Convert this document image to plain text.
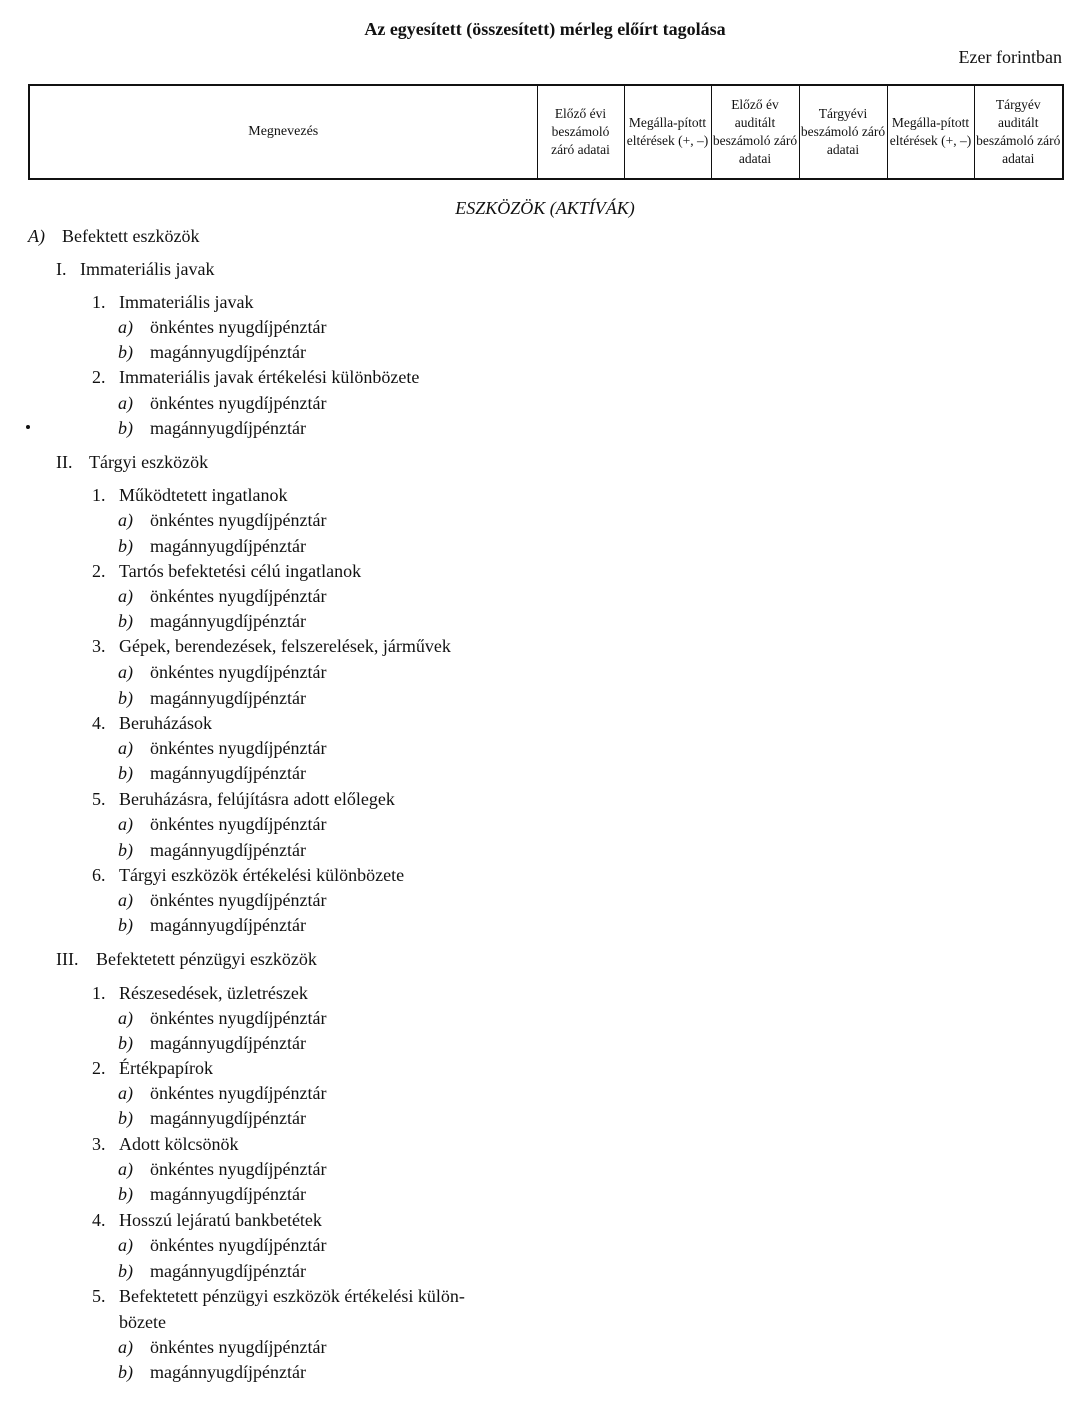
Az egyesített (összesített) mérleg előírt tagolása
Ezer forintban
Megnevezés	Előző évi beszámoló záró adatai	Megálla-pított eltérések (+, –)	Előző év auditált beszámoló záró adatai	Tárgyévi beszámoló záró adatai	Megálla-pított eltérések (+, –)	Tárgyév auditált beszámoló záró adatai
ESZKÖZÖK (AKTÍVÁK)
A) Befektett eszközök
I. Immateriális javak
1. Immateriális javak
a) önkéntes nyugdíjpénztár
b) magánnyugdíjpénztár
2. Immateriális javak értékelési különbözete
a) önkéntes nyugdíjpénztár
b) magánnyugdíjpénztár
II. Tárgyi eszközök
1. Működtetett ingatlanok
a) önkéntes nyugdíjpénztár
b) magánnyugdíjpénztár
2. Tartós befektetési célú ingatlanok
a) önkéntes nyugdíjpénztár
b) magánnyugdíjpénztár
3. Gépek, berendezések, felszerelések, járművek
a) önkéntes nyugdíjpénztár
b) magánnyugdíjpénztár
4. Beruházások
a) önkéntes nyugdíjpénztár
b) magánnyugdíjpénztár
5. Beruházásra, felújításra adott előlegek
a) önkéntes nyugdíjpénztár
b) magánnyugdíjpénztár
6. Tárgyi eszközök értékelési különbözete
a) önkéntes nyugdíjpénztár
b) magánnyugdíjpénztár
III. Befektetett pénzügyi eszközök
1. Részesedések, üzletrészek
a) önkéntes nyugdíjpénztár
b) magánnyugdíjpénztár
2. Értékpapírok
a) önkéntes nyugdíjpénztár
b) magánnyugdíjpénztár
3. Adott kölcsönök
a) önkéntes nyugdíjpénztár
b) magánnyugdíjpénztár
4. Hosszú lejáratú bankbetétek
a) önkéntes nyugdíjpénztár
b) magánnyugdíjpénztár
5. Befektetett pénzügyi eszközök értékelési külön-
bözete
a) önkéntes nyugdíjpénztár
b) magánnyugdíjpénztár
